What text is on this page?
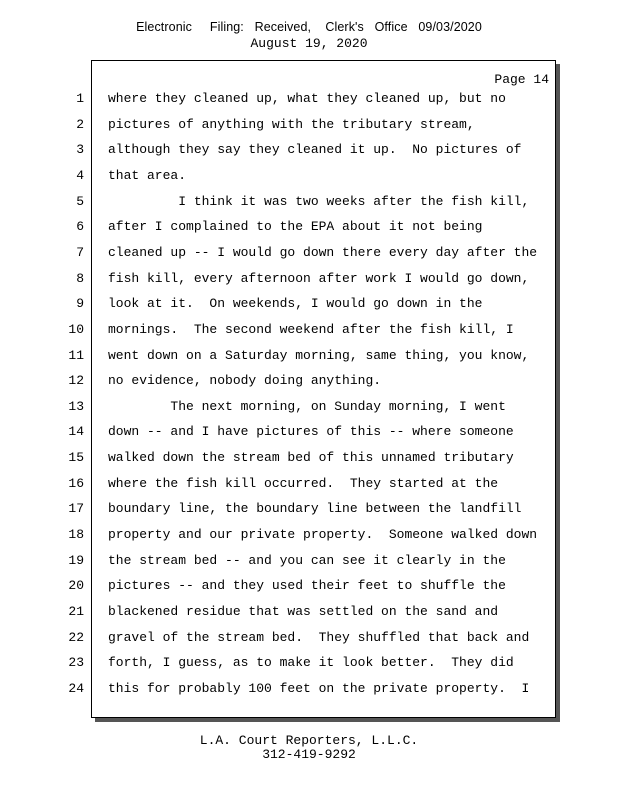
Electronic     Filing:   Received,    Clerk's   Office   09/03/2020
August 19, 2020
Page 14
1 where they cleaned up, what they cleaned up, but no
2 pictures of anything with the tributary stream,
3 although they say they cleaned it up.  No pictures of
4 that area.
5 I think it was two weeks after the fish kill,
6 after I complained to the EPA about it not being
7 cleaned up -- I would go down there every day after the
8 fish kill, every afternoon after work I would go down,
9 look at it.  On weekends, I would go down in the
10 mornings.  The second weekend after the fish kill, I
11 went down on a Saturday morning, same thing, you know,
12 no evidence, nobody doing anything.
13 The next morning, on Sunday morning, I went
14 down -- and I have pictures of this -- where someone
15 walked down the stream bed of this unnamed tributary
16 where the fish kill occurred.  They started at the
17 boundary line, the boundary line between the landfill
18 property and our private property.  Someone walked down
19 the stream bed -- and you can see it clearly in the
20 pictures -- and they used their feet to shuffle the
21 blackened residue that was settled on the sand and
22 gravel of the stream bed.  They shuffled that back and
23 forth, I guess, as to make it look better.  They did
24 this for probably 100 feet on the private property.  I
L.A. Court Reporters, L.L.C.
312-419-9292
